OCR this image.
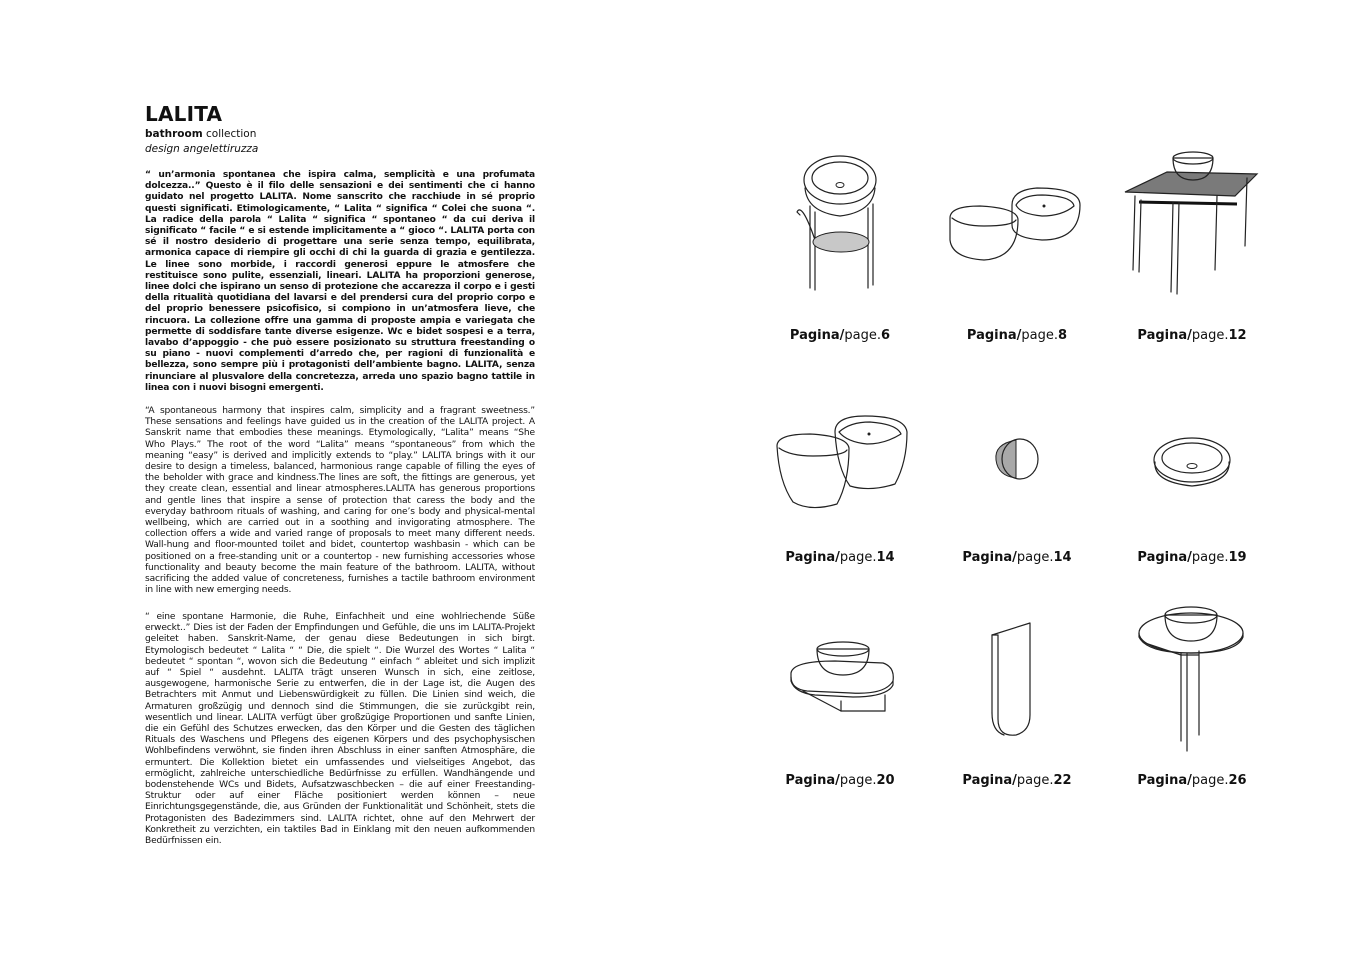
LALITA
bathroom collection
design angelettiruzza

“ un’armonia spontanea che ispira calma, semplicità e una profumata dolcezza..” Questo è il filo delle sensazioni e dei sentimenti che ci hanno guidato nel progetto LALITA. Nome sanscrito che racchiude in sé proprio questi significati. Etimologicamente, “ Lalita “ significa “ Colei che suona “. La radice della parola “ Lalita “ significa “ spontaneo “ da cui deriva il significato “ facile “ e si estende implicitamente a “ gioco “. LALITA porta con sé il nostro desiderio di progettare una serie senza tempo, equilibrata, armonica capace di riempire gli occhi di chi la guarda di grazia e gentilezza. Le linee sono morbide, i raccordi generosi eppure le atmosfere che restituisce sono pulite, essenziali, lineari. LALITA ha proporzioni generose, linee dolci che ispirano un senso di protezione che accarezza il corpo e i gesti della ritualità quotidiana del lavarsi e del prendersi cura del proprio corpo e del proprio benessere psicofisico, si compiono in un’atmosfera lieve, che rincuora. La collezione offre una gamma di proposte ampia e variegata che permette di soddisfare tante diverse esigenze. Wc e bidet sospesi e a terra, lavabo d’appoggio - che può essere posizionato su struttura freestanding o su piano - nuovi complementi d’arredo che, per ragioni di funzionalità e bellezza, sono sempre più i protagonisti dell’ambiente bagno. LALITA, senza rinunciare al plusvalore della concretezza, arreda uno spazio bagno tattile in linea con i nuovi bisogni emergenti.

“A spontaneous harmony that inspires calm, simplicity and a fragrant sweetness.” These sensations and feelings have guided us in the creation of the LALITA project. A Sanskrit name that embodies these meanings. Etymologically, “Lalita” means “She Who Plays.” The root of the word “Lalita” means “spontaneous” from which the meaning “easy” is derived and implicitly extends to “play.” LALITA brings with it our desire to design a timeless, balanced, harmonious range capable of filling the eyes of the beholder with grace and kindness.The lines are soft, the fittings are generous, yet they create clean, essential and linear atmospheres.LALITA has generous proportions and gentle lines that inspire a sense of protection that caress the body and the everyday bathroom rituals of washing, and caring for one’s body and physical-mental wellbeing, which are carried out in a soothing and invigorating atmosphere. The collection offers a wide and varied range of proposals to meet many different needs. Wall-hung and floor-mounted toilet and bidet, countertop washbasin - which can be positioned on a free-standing unit or a countertop - new furnishing accessories whose functionality and beauty become the main feature of the bathroom. LALITA, without sacrificing the added value of concreteness, furnishes a tactile bathroom environment in line with new emerging needs.

“ eine spontane Harmonie, die Ruhe, Einfachheit und eine wohlriechende Süße erweckt..” Dies ist der Faden der Empfindungen und Gefühle, die uns im LALITA-Projekt geleitet haben. Sanskrit-Name, der genau diese Bedeutungen in sich birgt. Etymologisch bedeutet “ Lalita “ “ Die, die spielt “. Die Wurzel des Wortes “ Lalita “ bedeutet “ spontan “, wovon sich die Bedeutung “ einfach “ ableitet und sich implizit auf “ Spiel “ ausdehnt. LALITA trägt unseren Wunsch in sich, eine zeitlose, ausgewogene, harmonische Serie zu entwerfen, die in der Lage ist, die Augen des Betrachters mit Anmut und Liebenswürdigkeit zu füllen. Die Linien sind weich, die Armaturen großzügig und dennoch sind die Stimmungen, die sie zurückgibt rein, wesentlich und linear. LALITA verfügt über großzügige Proportionen und sanfte Linien, die ein Gefühl des Schutzes erwecken, das den Körper und die Gesten des täglichen Rituals des Waschens und Pflegens des eigenen Körpers und des psychophysischen Wohlbefindens verwöhnt, sie finden ihren Abschluss in einer sanften Atmosphäre, die ermuntert. Die Kollektion bietet ein umfassendes und vielseitiges Angebot, das ermöglicht, zahlreiche unterschiedliche Bedürfnisse zu erfüllen. Wandhängende und bodenstehende WCs und Bidets, Aufsatzwaschbecken – die auf einer Freestanding-Struktur oder auf einer Fläche positioniert werden können – neue Einrichtungsgegenstände, die, aus Gründen der Funktionalität und Schönheit, stets die Protagonisten des Badezimmers sind. LALITA richtet, ohne auf den Mehrwert der Konkretheit zu verzichten, ein taktiles Bad in Einklang mit den neuen aufkommenden Bedürfnissen ein.

Pagina/page.6	Pagina/page.8	Pagina/page.12
Pagina/page.14	Pagina/page.14	Pagina/page.19
Pagina/page.20	Pagina/page.22	Pagina/page.26
